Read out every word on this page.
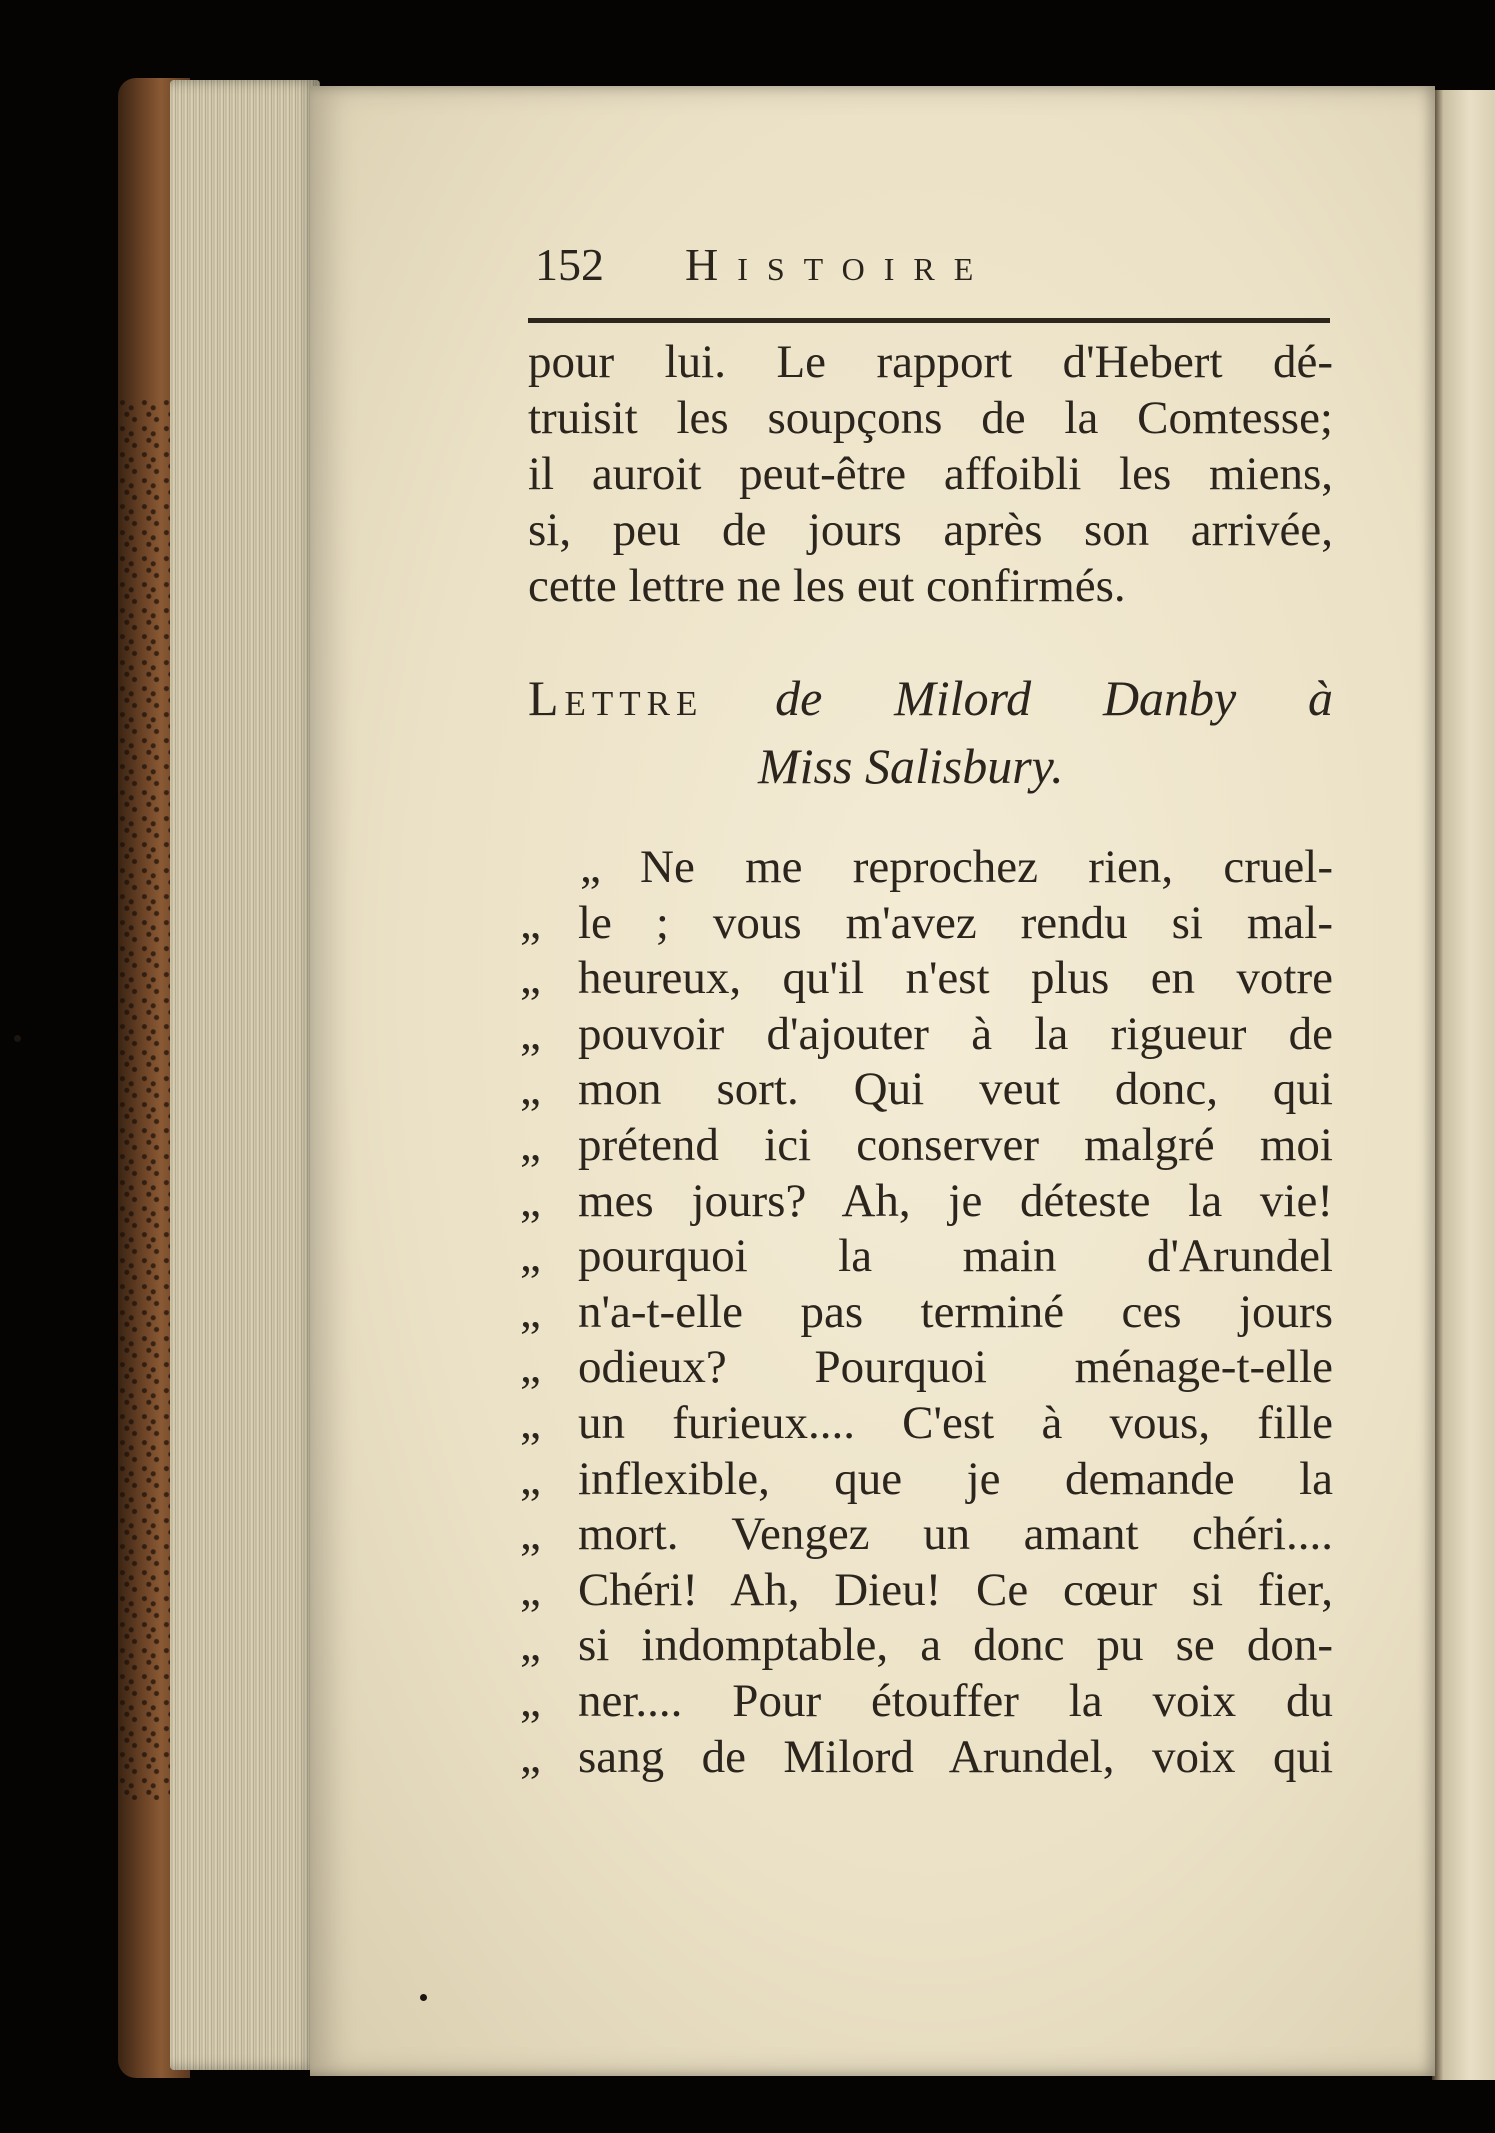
152 Histoire
pour lui. Le rapport d'Hebert dé-
truisit les soupçons de la Comtesse;
il auroit peut-être affoibli les miens,
si, peu de jours après son arrivée,
cette lettre ne les eut confirmés.
Lettre de Milord Danby à
Miss Salisbury.
„ Ne me reprochez rien, cruel-
„ le ; vous m'avez rendu si mal-
„ heureux, qu'il n'est plus en votre
„ pouvoir d'ajouter à la rigueur de
„ mon sort. Qui veut donc, qui
„ prétend ici conserver malgré moi
„ mes jours? Ah, je déteste la vie!
„ pourquoi la main d'Arundel
„ n'a-t-elle pas terminé ces jours
„ odieux? Pourquoi ménage-t-elle
„ un furieux.... C'est à vous, fille
„ inflexible, que je demande la
„ mort. Vengez un amant chéri....
„ Chéri! Ah, Dieu! Ce cœur si fier,
„ si indomptable, a donc pu se don-
„ ner.... Pour étouffer la voix du
„ sang de Milord Arundel, voix qui
